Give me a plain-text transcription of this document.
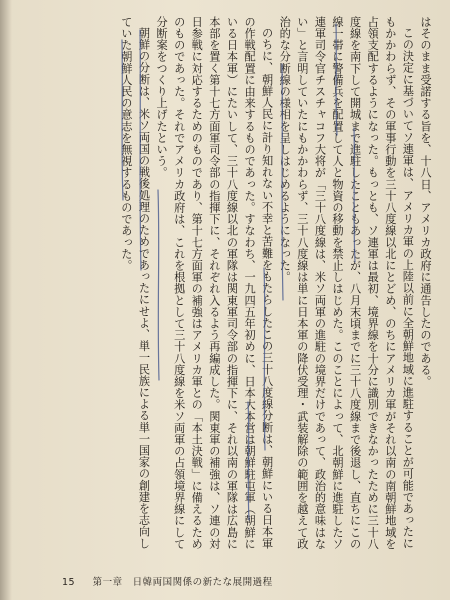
はそのまま受諾する旨を、十八日、アメリカ政府に通告したのである。

この決定に基づいてソ連軍は、アメリカ軍の上陸以前に全朝鮮地域に進駐することが可能であったにもかかわらず、その軍事行動を三十八度線以北にとどめ、のちにアメリカ軍がそれ以南の南朝鮮地域を占領支配するようになった。もっとも、ソ連軍は最初、境界線を十分に識別できなかったために三十八度線を南下して開城まで進駐したこともあったが、八月末頃までに三十八度線まで後退し、直ちにこの線一帯に警備兵を配置して人と物資の移動を禁止しはじめた。このことによって、北朝鮮に進駐したソ連軍司令官チスチャコフ大将が「三十八度線は、米ソ両軍の進駐の境界だけであって、政治的意味はない」と言明していたにもかかわらず、三十八度線は単に日本軍の降伏受理・武装解除の範囲を越えて政治的な分断線の様相を呈しはじめるようになった。

のちに、朝鮮人民に計り知れない不幸と苦難をもたらしたこの三十八度線分断は、朝鮮にいる日本軍の作戦配置に由来するものであった。すなわち、一九四五年初めに、日本大本営は朝鮮駐屯軍（朝鮮にいる日本軍）にたいして、三十八度線以北の軍隊は関東軍司令部の指揮下に、それ以南の軍隊は広島に本部を置く第十七方面軍司令部の指揮下に、それぞれ入るよう再編成した。関東軍の補強は、ソ連の対日参戦に対応するためのものであり、第十七方面軍の補強はアメリカ軍との「本土決戦」に備えるためのものであった。それでアメリカ政府は、これを根拠として三十八度線を米ソ両軍の占領境界線にして分断案をつくり上げたという。

朝鮮の分断は、米ソ両国の戦後処理のためであったにせよ、単一民族による単一国家の創建を志向していた朝鮮人民の意志を無視するものであった。

15 第一章　日韓両国関係の新たな展開過程
